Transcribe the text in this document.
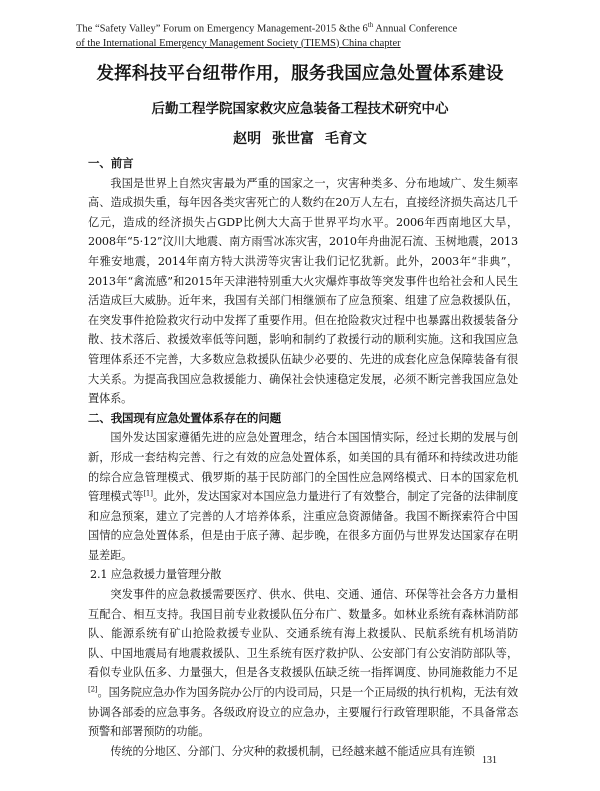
The “Safety Valley” Forum on Emergency Management-2015 &the 6th Annual Conference
of the International Emergency Management Society (TIEMS) China chapter
发挥科技平台纽带作用，服务我国应急处置体系建设
后勤工程学院国家救灾应急装备工程技术研究中心
赵明 张世富 毛育文
一、前言

我国是世界上自然灾害最为严重的国家之一，灾害种类多、分布地域广、发生频率高、造成损失重，每年因各类灾害死亡的人数约在20万人左右，直接经济损失高达几千亿元，造成的经济损失占GDP比例大大高于世界平均水平。2006年西南地区大旱，2008年“5·12”汶川大地震、南方雨雪冰冻灾害，2010年舟曲泥石流、玉树地震，2013年雅安地震，2014年南方特大洪涝等灾害让我们记忆犹新。此外，2003年“非典”，2013年“禽流感”和2015年天津港特别重大火灾爆炸事故等突发事件也给社会和人民生活造成巨大威胁。近年来，我国有关部门相继颁布了应急预案、组建了应急救援队伍，在突发事件抢险救灾行动中发挥了重要作用。但在抢险救灾过程中也暴露出救援装备分散、技术落后、救援效率低等问题，影响和制约了救援行动的顺利实施。这和我国应急管理体系还不完善，大多数应急救援队伍缺少必要的、先进的成套化应急保障装备有很大关系。为提高我国应急救援能力、确保社会快速稳定发展，必须不断完善我国应急处置体系。

二、我国现有应急处置体系存在的问题

国外发达国家遵循先进的应急处置理念，结合本国国情实际，经过长期的发展与创新，形成一套结构完善、行之有效的应急处置体系，如美国的具有循环和持续改进功能的综合应急管理模式、俄罗斯的基于民防部门的全国性应急网络模式、日本的国家危机管理模式等[1]。此外，发达国家对本国应急力量进行了有效整合，制定了完备的法律制度和应急预案，建立了完善的人才培养体系，注重应急资源储备。我国不断探索符合中国国情的应急处置体系，但是由于底子薄、起步晚，在很多方面仍与世界发达国家存在明显差距。

2.1 应急救援力量管理分散

突发事件的应急救援需要医疗、供水、供电、交通、通信、环保等社会各方力量相互配合、相互支持。我国目前专业救援队伍分布广、数量多。如林业系统有森林消防部队、能源系统有矿山抢险救援专业队、交通系统有海上救援队、民航系统有机场消防队、中国地震局有地震救援队、卫生系统有医疗救护队、公安部门有公安消防部队等，看似专业队伍多、力量强大，但是各支救援队伍缺乏统一指挥调度、协同施救能力不足[2]。国务院应急办作为国务院办公厅的内设司局，只是一个正局级的执行机构，无法有效协调各部委的应急事务。各级政府设立的应急办，主要履行行政管理职能，不具备常态预警和部署预防的功能。

传统的分地区、分部门、分灾种的救援机制，已经越来越不能适应具有连锁

131
